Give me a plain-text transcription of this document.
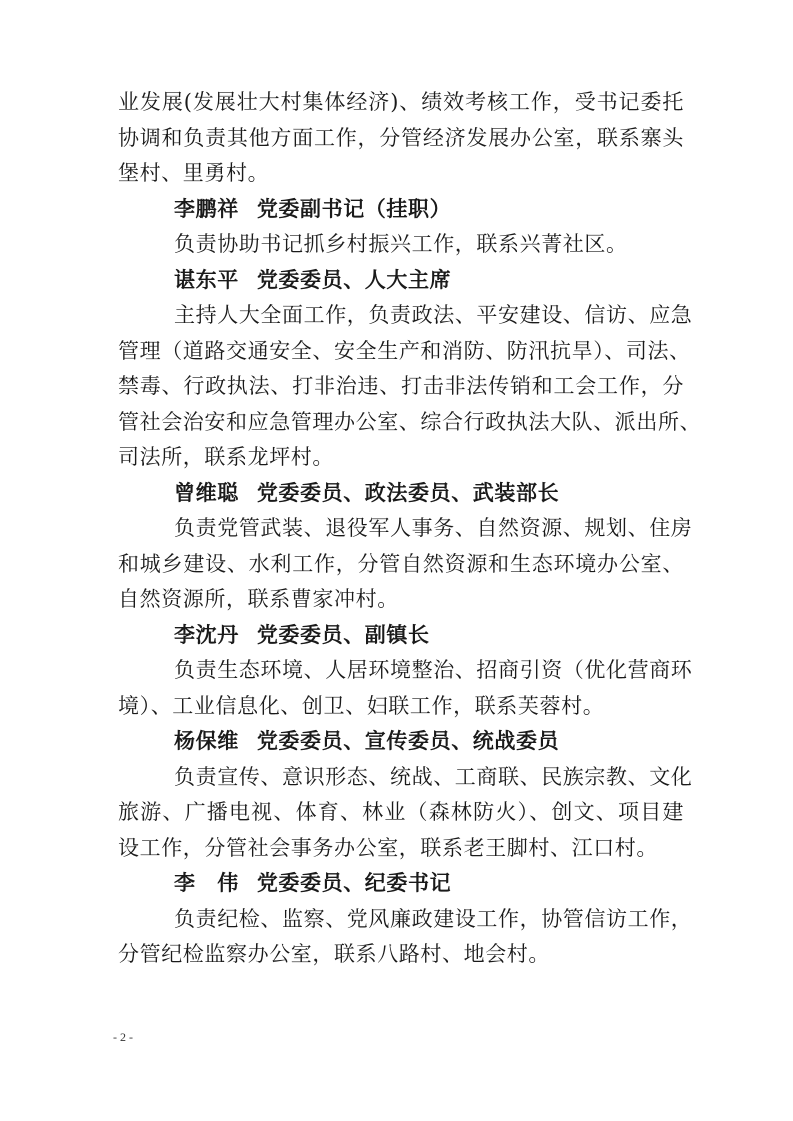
业发展(发展壮大村集体经济)、绩效考核工作，受书记委托
协调和负责其他方面工作，分管经济发展办公室，联系寨头
堡村、里勇村。
李鹏祥 党委副书记（挂职）
负责协助书记抓乡村振兴工作，联系兴菁社区。
谌东平 党委委员、人大主席
主持人大全面工作，负责政法、平安建设、信访、应急
管理（道路交通安全、安全生产和消防、防汛抗旱）、司法、
禁毒、行政执法、打非治违、打击非法传销和工会工作，分
管社会治安和应急管理办公室、综合行政执法大队、派出所、
司法所，联系龙坪村。
曾维聪 党委委员、政法委员、武装部长
负责党管武装、退役军人事务、自然资源、规划、住房
和城乡建设、水利工作，分管自然资源和生态环境办公室、
自然资源所，联系曹家冲村。
李沈丹 党委委员、副镇长
负责生态环境、人居环境整治、招商引资（优化营商环
境）、工业信息化、创卫、妇联工作，联系芙蓉村。
杨保维 党委委员、宣传委员、统战委员
负责宣传、意识形态、统战、工商联、民族宗教、文化
旅游、广播电视、体育、林业（森林防火）、创文、项目建
设工作，分管社会事务办公室，联系老王脚村、江口村。
李　伟 党委委员、纪委书记
负责纪检、监察、党风廉政建设工作，协管信访工作，
分管纪检监察办公室，联系八路村、地会村。
- 2 -
